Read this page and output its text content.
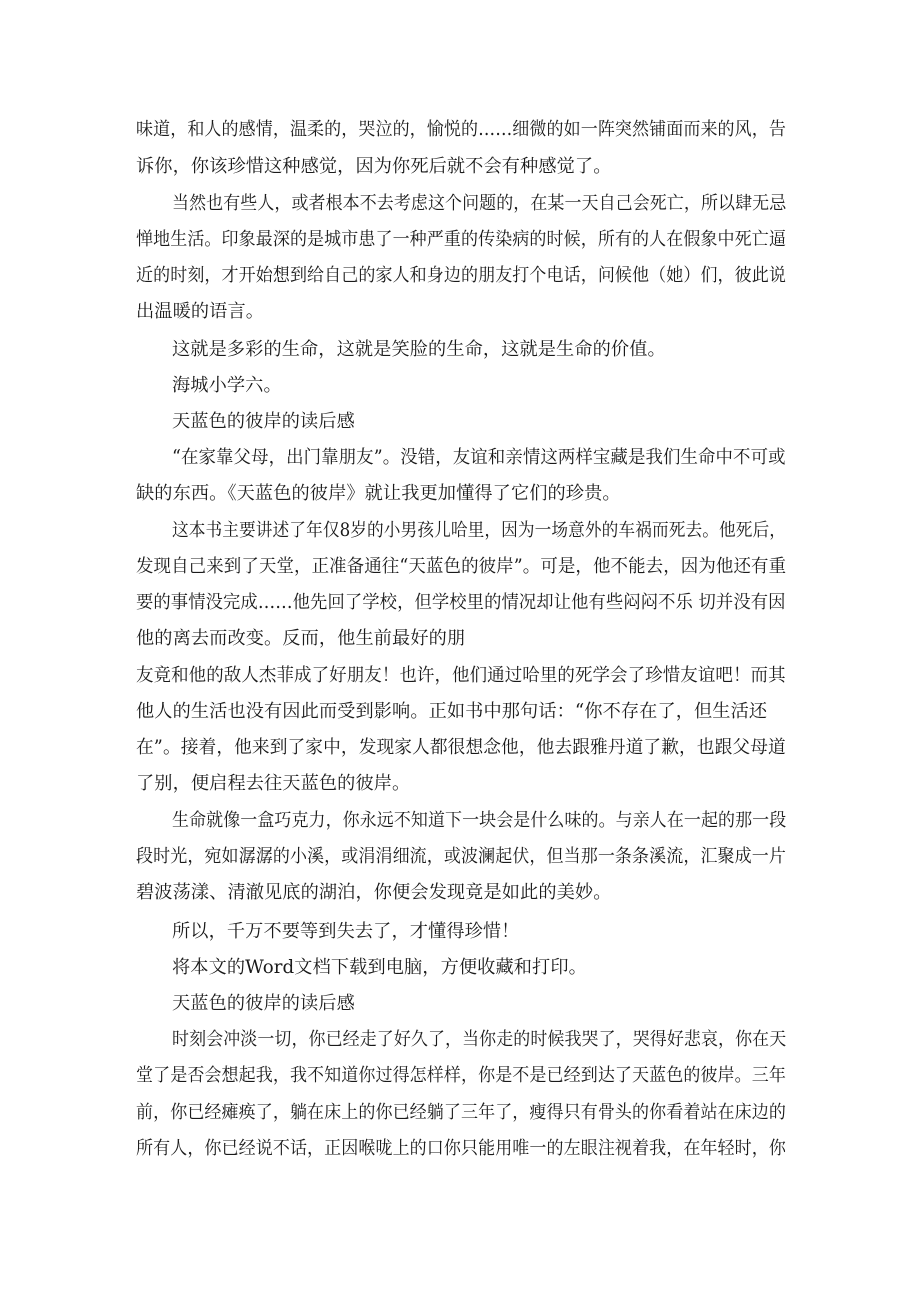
味道，和人的感情，温柔的，哭泣的，愉悦的……细微的如一阵突然铺面而来的风，告

诉你，你该珍惜这种感觉，因为你死后就不会有种感觉了。

当然也有些人，或者根本不去考虑这个问题的，在某一天自己会死亡，所以肆无忌

惮地生活。印象最深的是城市患了一种严重的传染病的时候，所有的人在假象中死亡逼

近的时刻，才开始想到给自己的家人和身边的朋友打个电话，问候他（她）们，彼此说

出温暖的语言。

这就是多彩的生命，这就是笑脸的生命，这就是生命的价值。

海城小学六。

天蓝色的彼岸的读后感

“在家靠父母，出门靠朋友”。没错，友谊和亲情这两样宝藏是我们生命中不可或

缺的东西。《天蓝色的彼岸》就让我更加懂得了它们的珍贵。

这本书主要讲述了年仅8岁的小男孩儿哈里，因为一场意外的车祸而死去。他死后，

发现自己来到了天堂，正准备通往“天蓝色的彼岸”。可是，他不能去，因为他还有重

要的事情没完成……他先回了学校，但学校里的情况却让他有些闷闷不乐 切并没有因

他的离去而改变。反而，他生前最好的朋

友竟和他的敌人杰菲成了好朋友！也许，他们通过哈里的死学会了珍惜友谊吧！而其

他人的生活也没有因此而受到影响。正如书中那句话：“你不存在了，但生活还

在”。接着，他来到了家中，发现家人都很想念他，他去跟雅丹道了歉，也跟父母道

了别，便启程去往天蓝色的彼岸。

生命就像一盒巧克力，你永远不知道下一块会是什么味的。与亲人在一起的那一段

段时光，宛如潺潺的小溪，或涓涓细流，或波澜起伏，但当那一条条溪流，汇聚成一片

碧波荡漾、清澈见底的湖泊，你便会发现竟是如此的美妙。

所以，千万不要等到失去了，才懂得珍惜！

将本文的Word文档下载到电脑，方便收藏和打印。

天蓝色的彼岸的读后感

时刻会冲淡一切，你已经走了好久了，当你走的时候我哭了，哭得好悲哀，你在天

堂了是否会想起我，我不知道你过得怎样样，你是不是已经到达了天蓝色的彼岸。三年

前，你已经瘫痪了，躺在床上的你已经躺了三年了，瘦得只有骨头的你看着站在床边的

所有人，你已经说不话，正因喉咙上的口你只能用唯一的左眼注视着我，在年轻时，你
